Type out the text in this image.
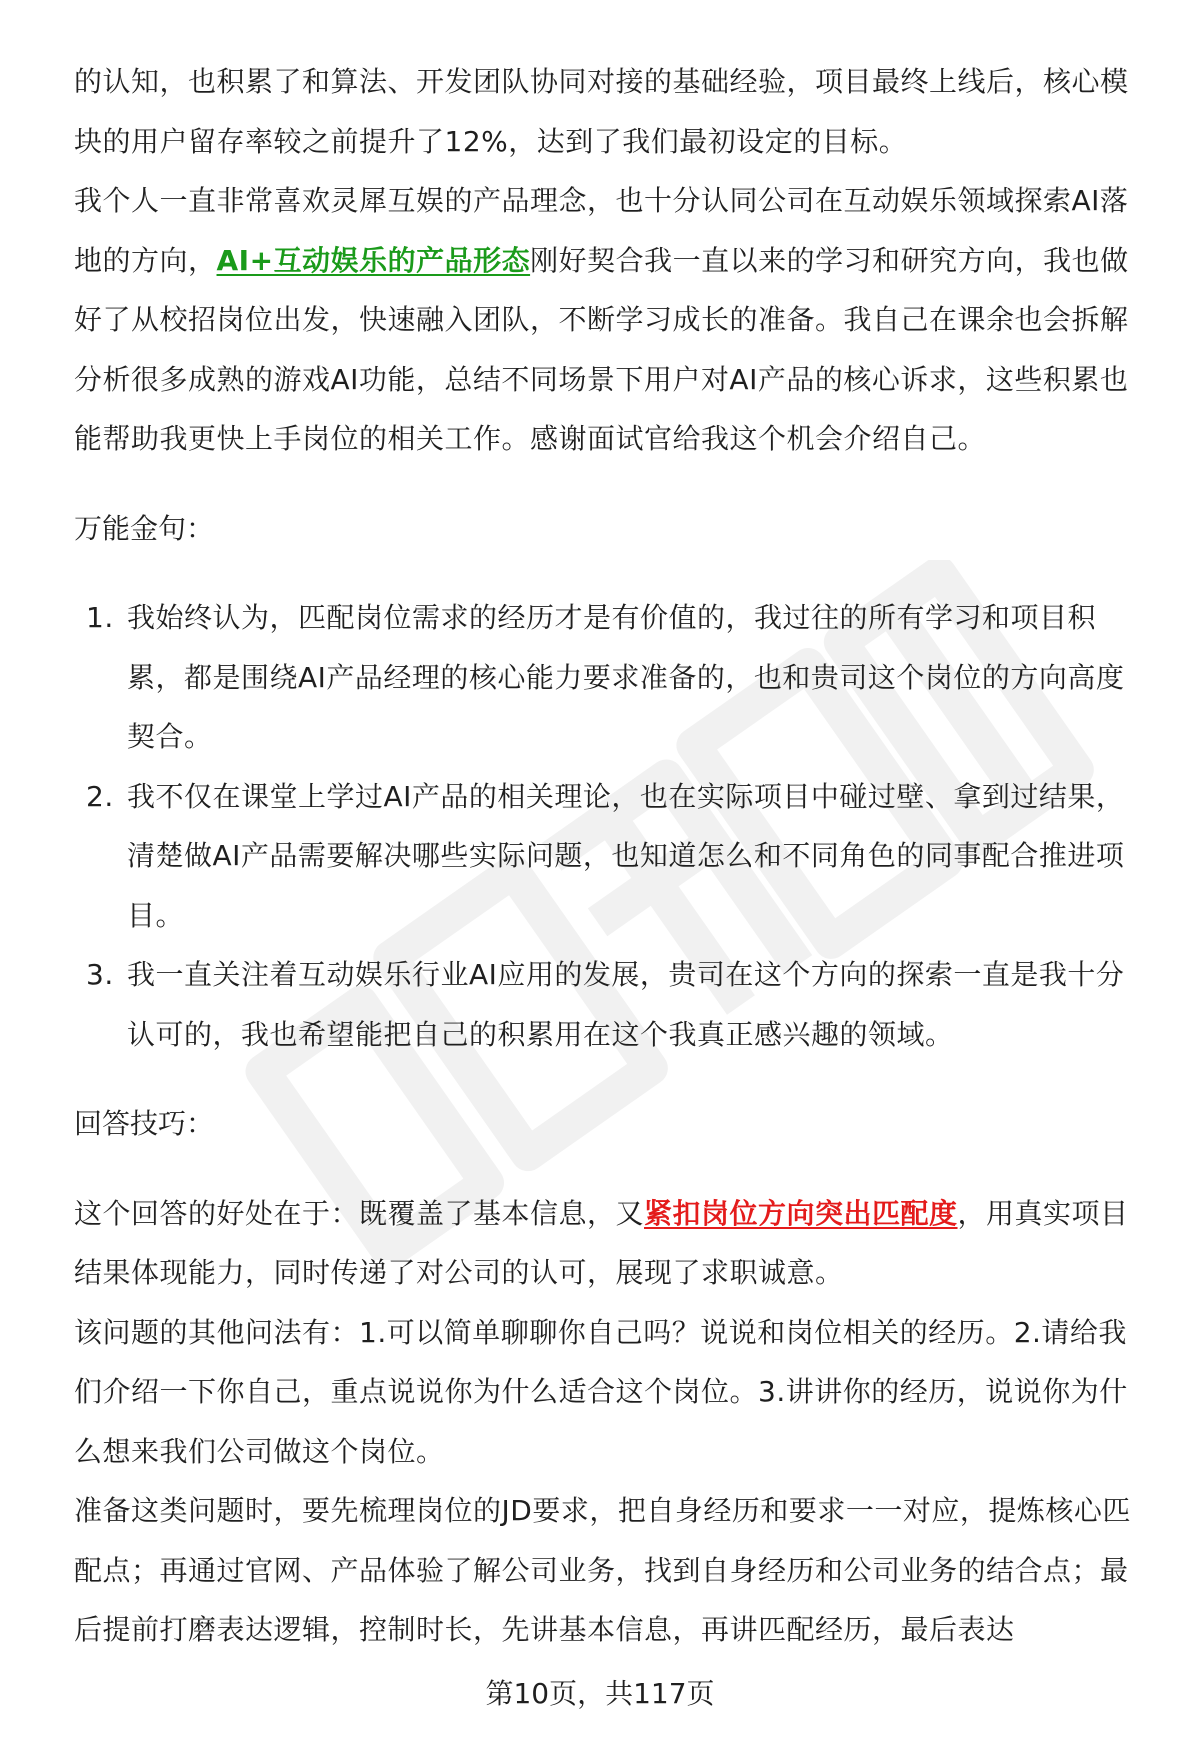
的认知，也积累了和算法、开发团队协同对接的基础经验，项目最终上线后，核心模块的用户留存率较之前提升了12%，达到了我们最初设定的目标。

我个人一直非常喜欢灵犀互娱的产品理念，也十分认同公司在互动娱乐领域探索AI落地的方向，AI+互动娱乐的产品形态刚好契合我一直以来的学习和研究方向，我也做好了从校招岗位出发，快速融入团队，不断学习成长的准备。我自己在课余也会拆解分析很多成熟的游戏AI功能，总结不同场景下用户对AI产品的核心诉求，这些积累也能帮助我更快上手岗位的相关工作。感谢面试官给我这个机会介绍自己。

万能金句：

1. 我始终认为，匹配岗位需求的经历才是有价值的，我过往的所有学习和项目积累，都是围绕AI产品经理的核心能力要求准备的，也和贵司这个岗位的方向高度契合。
2. 我不仅在课堂上学过AI产品的相关理论，也在实际项目中碰过壁、拿到过结果，清楚做AI产品需要解决哪些实际问题，也知道怎么和不同角色的同事配合推进项目。
3. 我一直关注着互动娱乐行业AI应用的发展，贵司在这个方向的探索一直是我十分认可的，我也希望能把自己的积累用在这个我真正感兴趣的领域。

回答技巧：

这个回答的好处在于：既覆盖了基本信息，又紧扣岗位方向突出匹配度，用真实项目结果体现能力，同时传递了对公司的认可，展现了求职诚意。

该问题的其他问法有：1.可以简单聊聊你自己吗？说说和岗位相关的经历。2.请给我们介绍一下你自己，重点说说你为什么适合这个岗位。3.讲讲你的经历，说说你为什么想来我们公司做这个岗位。

准备这类问题时，要先梳理岗位的JD要求，把自身经历和要求一一对应，提炼核心匹配点；再通过官网、产品体验了解公司业务，找到自身经历和公司业务的结合点；最后提前打磨表达逻辑，控制时长，先讲基本信息，再讲匹配经历，最后表达

第10页，共117页
